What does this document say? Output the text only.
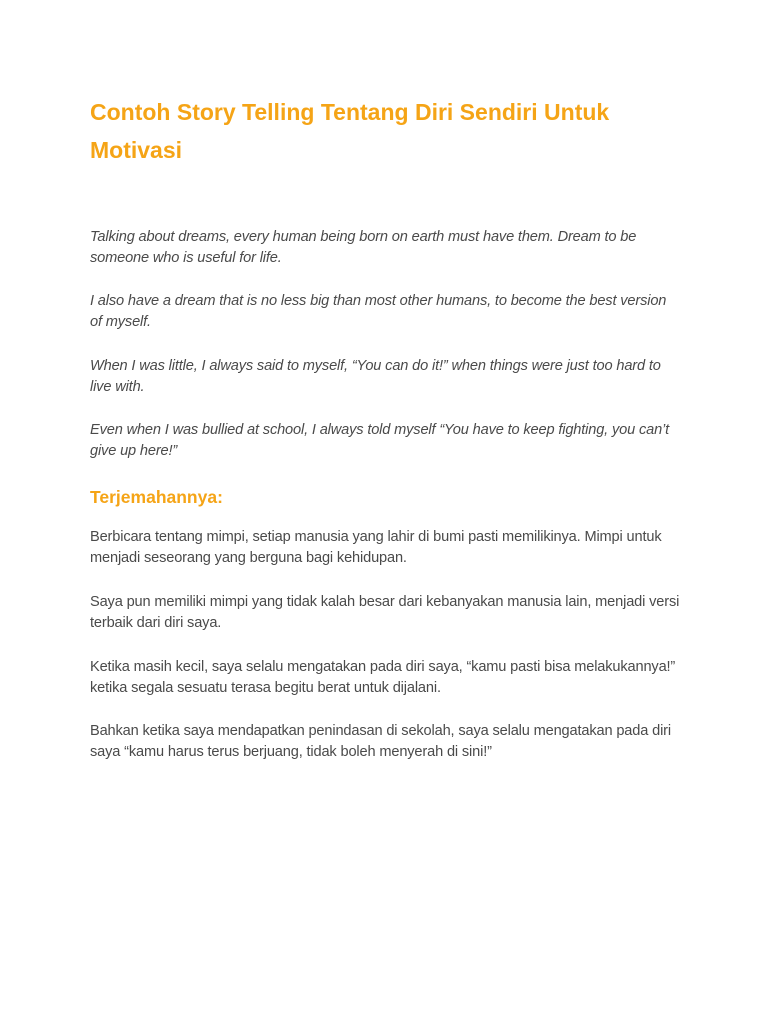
Contoh Story Telling Tentang Diri Sendiri Untuk Motivasi

Talking about dreams, every human being born on earth must have them. Dream to be someone who is useful for life.

I also have a dream that is no less big than most other humans, to become the best version of myself.

When I was little, I always said to myself, “You can do it!” when things were just too hard to live with.

Even when I was bullied at school, I always told myself “You have to keep fighting, you can’t give up here!”

Terjemahannya:

Berbicara tentang mimpi, setiap manusia yang lahir di bumi pasti memilikinya. Mimpi untuk menjadi seseorang yang berguna bagi kehidupan.

Saya pun memiliki mimpi yang tidak kalah besar dari kebanyakan manusia lain, menjadi versi terbaik dari diri saya.

Ketika masih kecil, saya selalu mengatakan pada diri saya, “kamu pasti bisa melakukannya!” ketika segala sesuatu terasa begitu berat untuk dijalani.

Bahkan ketika saya mendapatkan penindasan di sekolah, saya selalu mengatakan pada diri saya “kamu harus terus berjuang, tidak boleh menyerah di sini!”
